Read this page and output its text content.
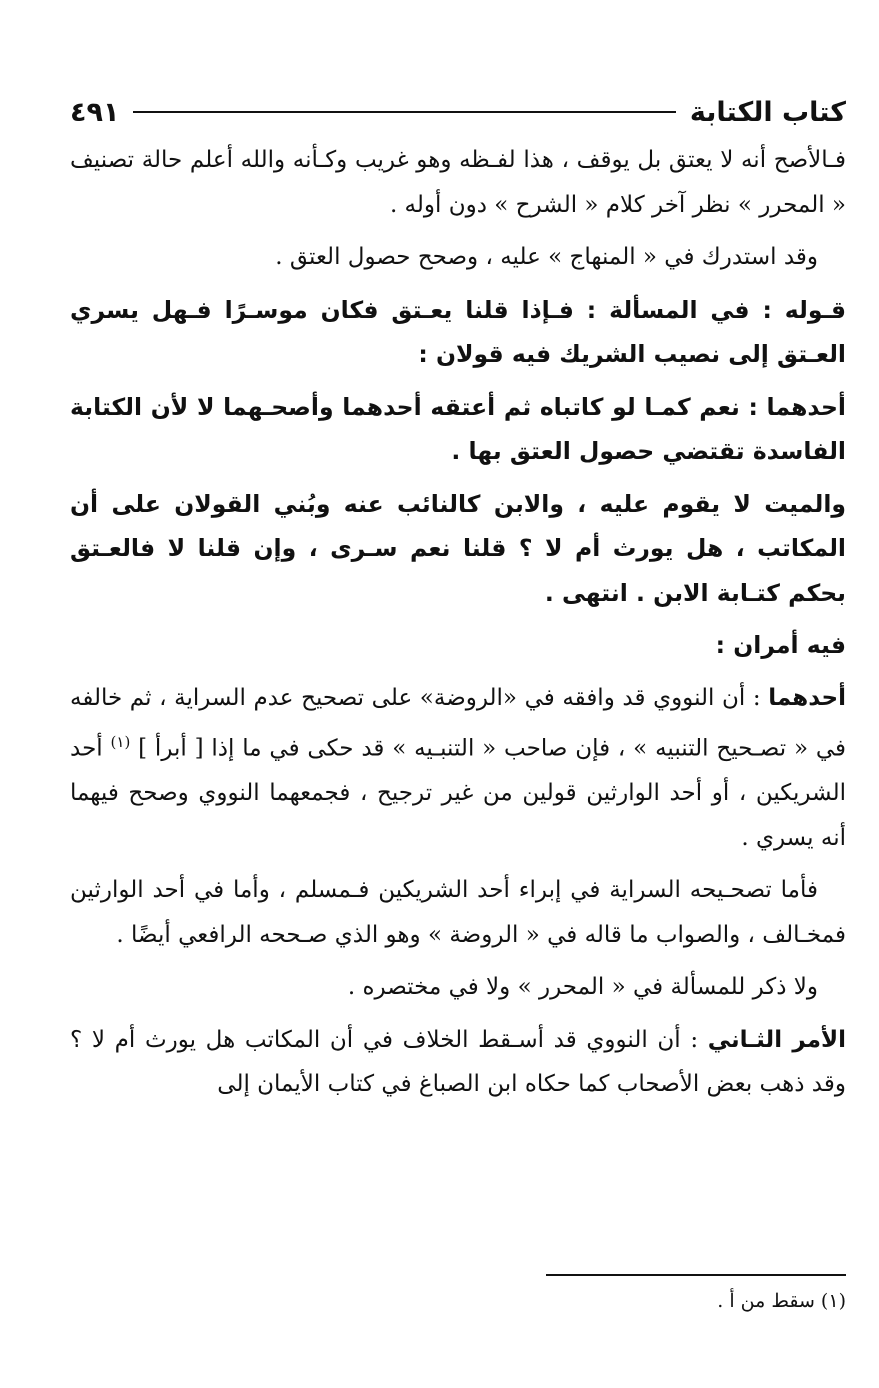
كتاب الكتابة
٤٩١

فـالأصح أنه لا يعتق بل يوقف ، هذا لفـظه وهو غريب وكـأنه والله أعلم حالة تصنيف « المحرر » نظر آخر كلام « الشرح » دون أوله .

وقد استدرك في « المنهاج » عليه ، وصحح حصول العتق .

قـوله : في المسألة : فـإذا قلنا يعـتق فكان موسـرًا فـهل يسري العـتق إلى نصيب الشريك فيه قولان :

أحدهما : نعم كمـا لو كاتباه ثم أعتقه أحدهما وأصحـهما لا لأن الكتابة الفاسدة تقتضي حصول العتق بها .

والميت لا يقوم عليه ، والابن كالنائب عنه وبُني القولان على أن المكاتب ، هل يورث أم لا ؟ قلنا نعم سـرى ، وإن قلنا لا فالعـتق بحكم كتـابة الابن . انتهى .

فيه أمران :

أحدهما : أن النووي قد وافقه في «الروضة» على تصحيح عدم السراية ، ثم خالفه في « تصـحيح التنبيه » ، فإن صاحب « التنبـيه » قد حكى في ما إذا [ أبرأ ] $^{(١)}$ أحد الشريكين ، أو أحد الوارثين قولين من غير ترجيح ، فجمعهما النووي وصحح فيهما أنه يسري .

فأما تصحـيحه السراية في إبراء أحد الشريكين فـمسلم ، وأما في أحد الوارثين فمخـالف ، والصواب ما قاله في « الروضة » وهو الذي صـححه الرافعي أيضًا .

ولا ذكر للمسألة في « المحرر » ولا في مختصره .

الأمر الثـاني : أن النووي قد أسـقط الخلاف في أن المكاتب هل يورث أم لا ؟ وقد ذهب بعض الأصحاب كما حكاه ابن الصباغ في كتاب الأيمان إلى

(١) سقط من أ .
